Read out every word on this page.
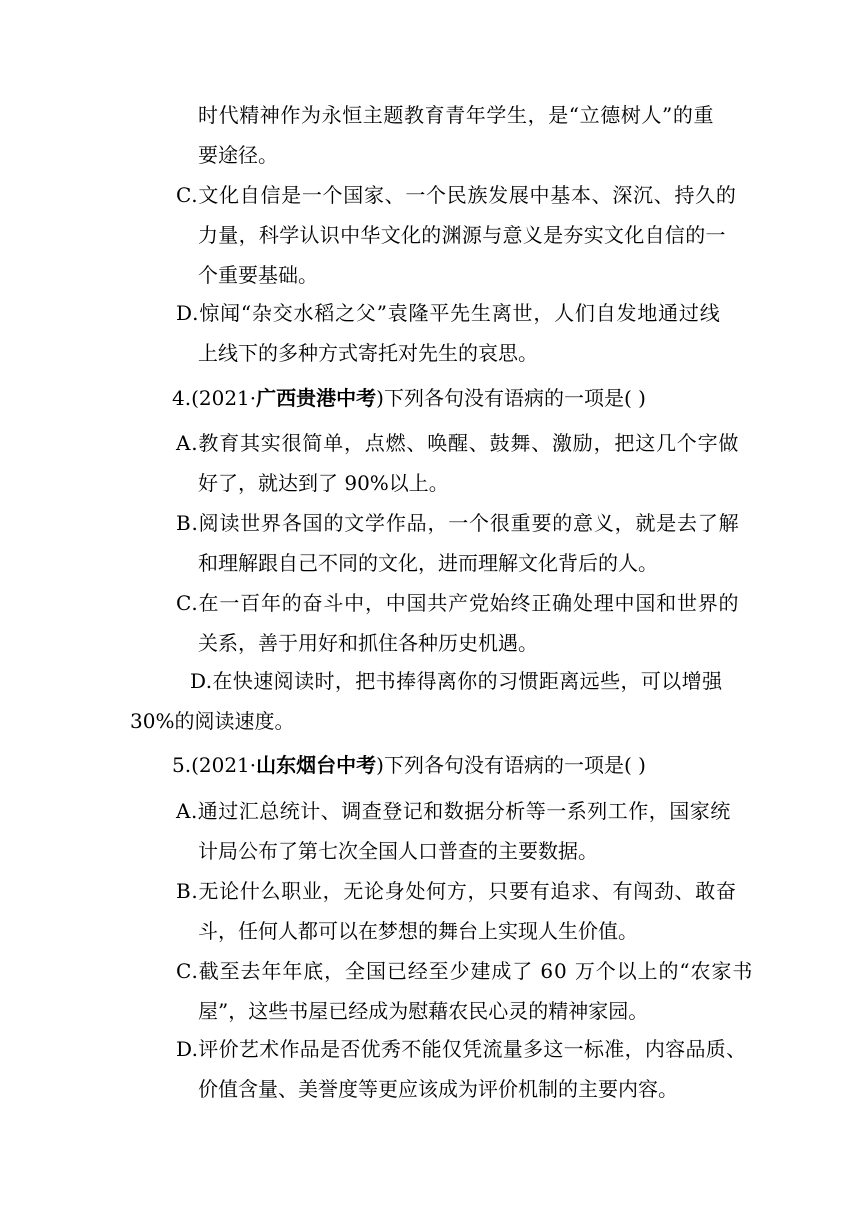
时代精神作为永恒主题教育青年学生，是“立德树人”的重
要途径。
C.文化自信是一个国家、一个民族发展中基本、深沉、持久的
力量，科学认识中华文化的渊源与意义是夯实文化自信的一
个重要基础。
D.惊闻“杂交水稻之父”袁隆平先生离世，人们自发地通过线
上线下的多种方式寄托对先生的哀思。
4.(2021·广西贵港中考)下列各句没有语病的一项是( )
A.教育其实很简单，点燃、唤醒、鼓舞、激励，把这几个字做
好了，就达到了 90%以上。
B.阅读世界各国的文学作品，一个很重要的意义，就是去了解
和理解跟自己不同的文化，进而理解文化背后的人。
C.在一百年的奋斗中，中国共产党始终正确处理中国和世界的
关系，善于用好和抓住各种历史机遇。
D.在快速阅读时，把书捧得离你的习惯距离远些，可以增强
30%的阅读速度。
5.(2021·山东烟台中考)下列各句没有语病的一项是( )
A.通过汇总统计、调查登记和数据分析等一系列工作，国家统
计局公布了第七次全国人口普查的主要数据。
B.无论什么职业，无论身处何方，只要有追求、有闯劲、敢奋
斗，任何人都可以在梦想的舞台上实现人生价值。
C.截至去年年底，全国已经至少建成了 60 万个以上的“农家书
屋”，这些书屋已经成为慰藉农民心灵的精神家园。
D.评价艺术作品是否优秀不能仅凭流量多这一标准，内容品质、
价值含量、美誉度等更应该成为评价机制的主要内容。
